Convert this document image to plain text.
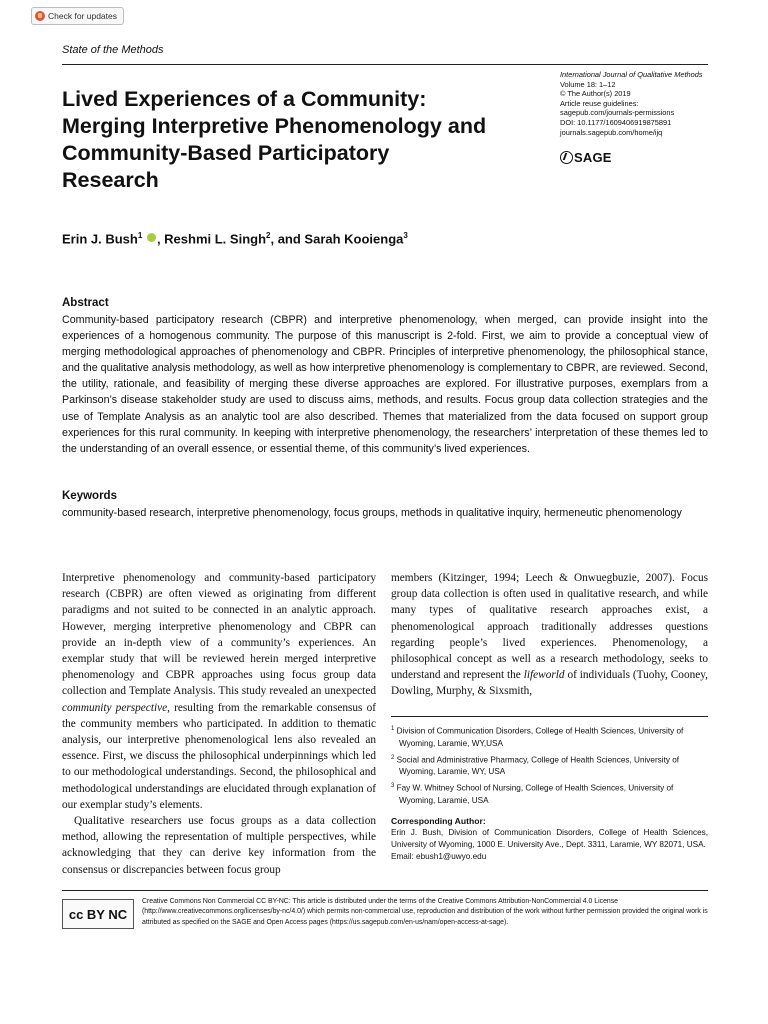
Check for updates
State of the Methods
International Journal of Qualitative Methods
Volume 18: 1–12
© The Author(s) 2019
Article reuse guidelines:
sagepub.com/journals-permissions
DOI: 10.1177/1609406919875891
journals.sagepub.com/home/ijq
SAGE
Lived Experiences of a Community: Merging Interpretive Phenomenology and Community-Based Participatory Research
Erin J. Bush$^1$ , Reshmi L. Singh$^2$, and Sarah Kooienga$^3$
Abstract
Community-based participatory research (CBPR) and interpretive phenomenology, when merged, can provide insight into the experiences of a homogenous community. The purpose of this manuscript is 2-fold. First, we aim to provide a conceptual view of merging methodological approaches of phenomenology and CBPR. Principles of interpretive phenomenology, the philosophical stance, and the qualitative analysis methodology, as well as how interpretive phenomenology is complementary to CBPR, are reviewed. Second, the utility, rationale, and feasibility of merging these diverse approaches are explored. For illustrative purposes, exemplars from a Parkinson’s disease stakeholder study are used to discuss aims, methods, and results. Focus group data collection strategies and the use of Template Analysis as an analytic tool are also described. Themes that materialized from the data focused on support group experiences for this rural community. In keeping with interpretive phenomenology, the researchers’ interpretation of these themes led to the understanding of an overall essence, or essential theme, of this community’s lived experiences.
Keywords
community-based research, interpretive phenomenology, focus groups, methods in qualitative inquiry, hermeneutic phenomenology

Interpretive phenomenology and community-based participatory research (CBPR) are often viewed as originating from different paradigms and not suited to be connected in an analytic approach. However, merging interpretive phenomenology and CBPR can provide an in-depth view of a community’s experiences. An exemplar study that will be reviewed herein merged interpretive phenomenology and CBPR approaches using focus group data collection and Template Analysis. This study revealed an unexpected community perspective, resulting from the remarkable consensus of the community members who participated. In addition to thematic analysis, our interpretive phenomenological lens also revealed an essence. First, we discuss the philosophical underpinnings which led to our methodological understandings. Second, the philosophical and methodological understandings are elucidated through explanation of our exemplar study’s elements.

Qualitative researchers use focus groups as a data collection method, allowing the representation of multiple perspectives, while acknowledging that they can derive key information from the consensus or discrepancies between focus group

members (Kitzinger, 1994; Leech & Onwuegbuzie, 2007). Focus group data collection is often used in qualitative research, and while many types of qualitative research approaches exist, a phenomenological approach traditionally addresses questions regarding people’s lived experiences. Phenomenology, a philosophical concept as well as a research methodology, seeks to understand and represent the lifeworld of individuals (Tuohy, Cooney, Dowling, Murphy, & Sixsmith,
$^1$ Division of Communication Disorders, College of Health Sciences, University of Wyoming, Laramie, WY,USA
$^2$ Social and Administrative Pharmacy, College of Health Sciences, University of Wyoming, Laramie, WY, USA
$^3$ Fay W. Whitney School of Nursing, College of Health Sciences, University of Wyoming, Laramie, USA
Corresponding Author:
Erin J. Bush, Division of Communication Disorders, College of Health Sciences, University of Wyoming, 1000 E. University Ave., Dept. 3311, Laramie, WY 82071, USA.
Email: ebush1@uwyo.edu
cc BY NC
Creative Commons Non Commercial CC BY-NC: This article is distributed under the terms of the Creative Commons Attribution-NonCommercial 4.0 License (http://www.creativecommons.org/licenses/by-nc/4.0/) which permits non-commercial use, reproduction and distribution of the work without further permission provided the original work is attributed as specified on the SAGE and Open Access pages (https://us.sagepub.com/en-us/nam/open-access-at-sage).
